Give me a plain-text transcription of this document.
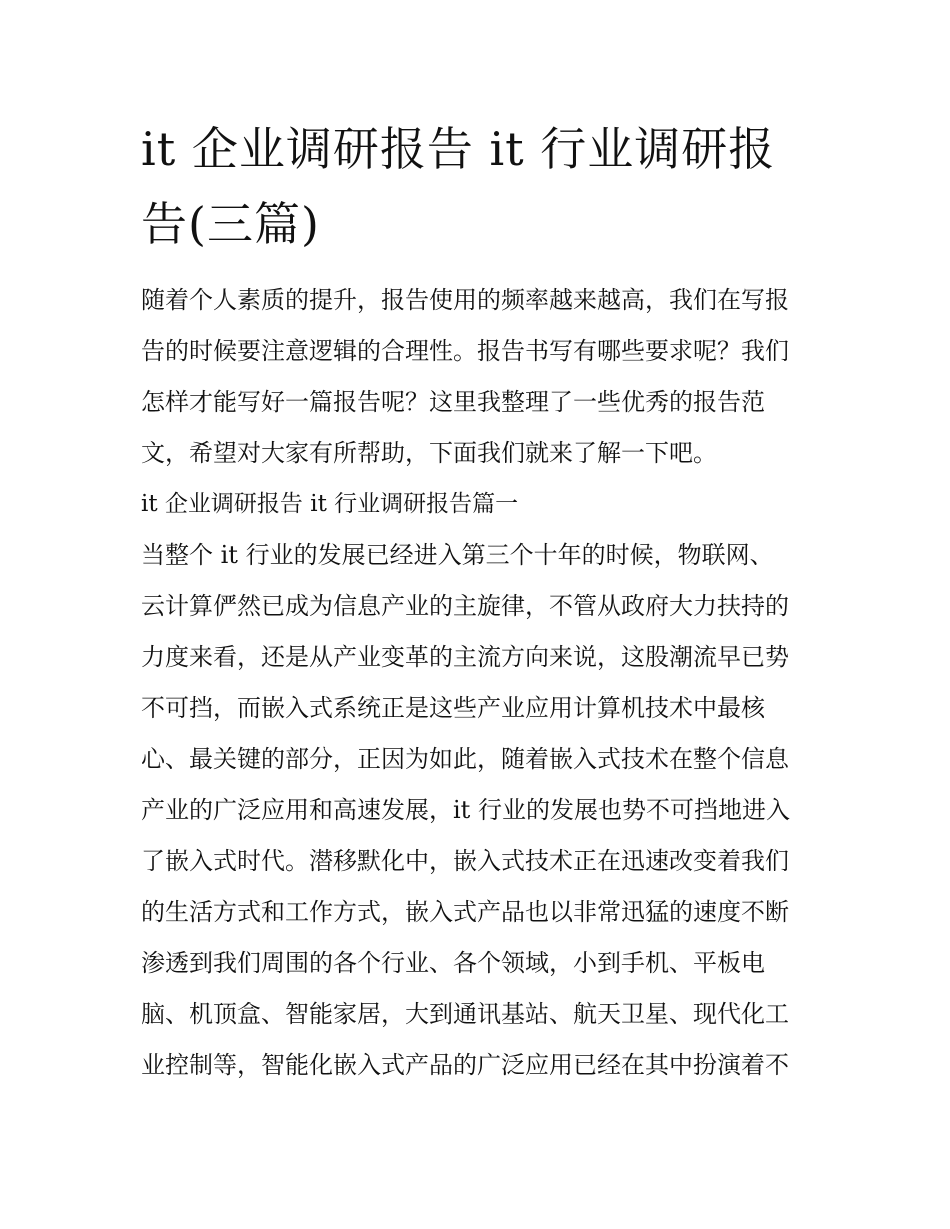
it 企业调研报告 it 行业调研报
告(三篇)

随着个人素质的提升，报告使用的频率越来越高，我们在写报

告的时候要注意逻辑的合理性。报告书写有哪些要求呢？我们

怎样才能写好一篇报告呢？这里我整理了一些优秀的报告范

文，希望对大家有所帮助，下面我们就来了解一下吧。

it 企业调研报告 it 行业调研报告篇一

当整个 it 行业的发展已经进入第三个十年的时候，物联网、

云计算俨然已成为信息产业的主旋律，不管从政府大力扶持的

力度来看，还是从产业变革的主流方向来说，这股潮流早已势

不可挡，而嵌入式系统正是这些产业应用计算机技术中最核

心、最关键的部分，正因为如此，随着嵌入式技术在整个信息

产业的广泛应用和高速发展，it 行业的发展也势不可挡地进入

了嵌入式时代。潜移默化中，嵌入式技术正在迅速改变着我们

的生活方式和工作方式，嵌入式产品也以非常迅猛的速度不断

渗透到我们周围的各个行业、各个领域，小到手机、平板电

脑、机顶盒、智能家居，大到通讯基站、航天卫星、现代化工

业控制等，智能化嵌入式产品的广泛应用已经在其中扮演着不
